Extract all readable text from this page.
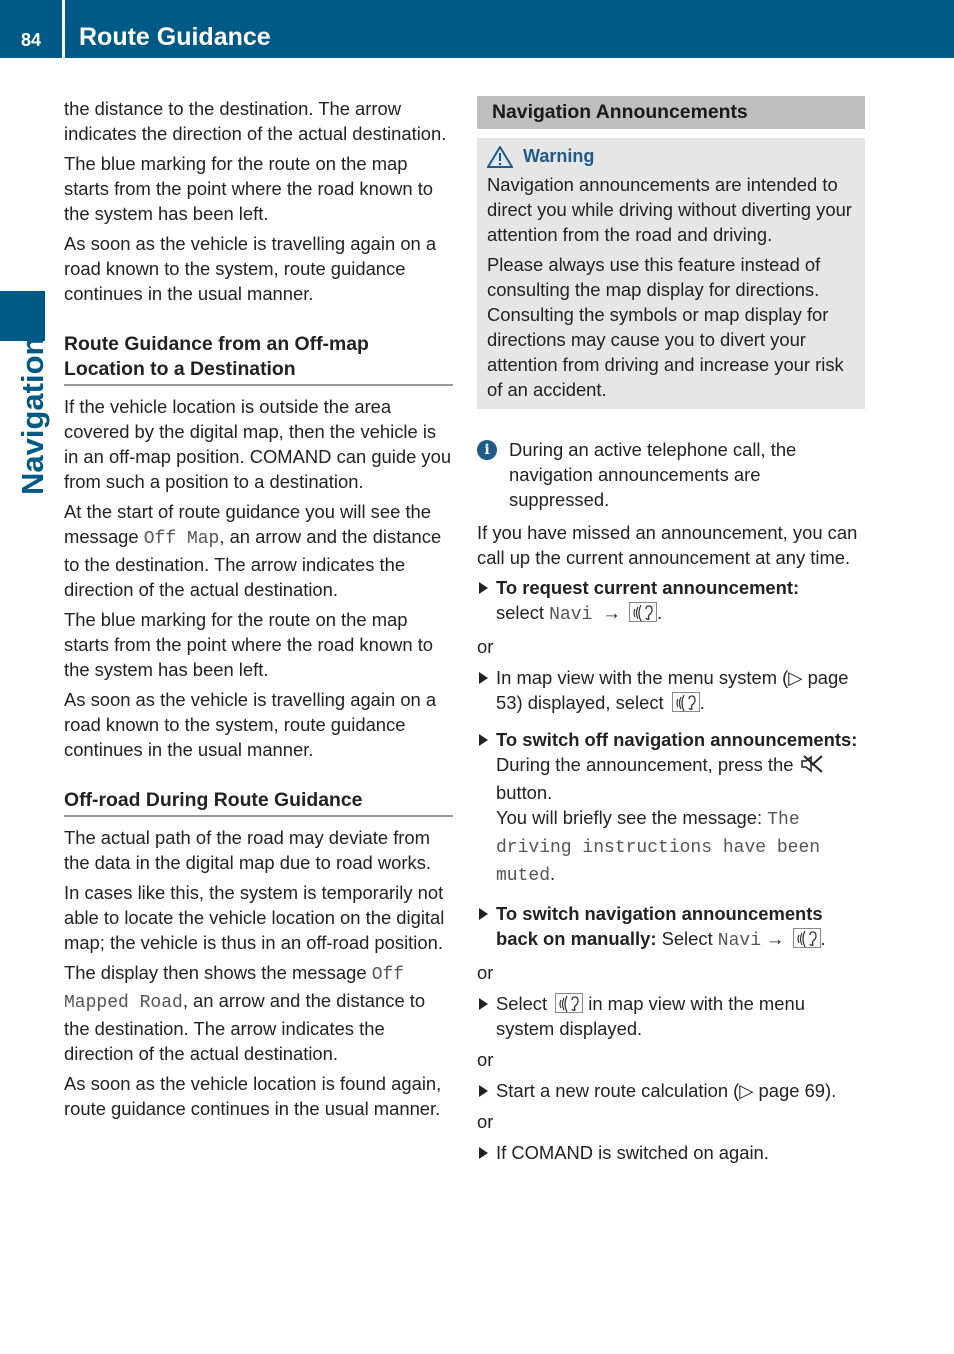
84	Route Guidance
Navigation

the distance to the destination. The arrow indicates the direction of the actual destination.

The blue marking for the route on the map starts from the point where the road known to the system has been left.

As soon as the vehicle is travelling again on a road known to the system, route guidance continues in the usual manner.

Route Guidance from an Off-map Location to a Destination

If the vehicle location is outside the area covered by the digital map, then the vehicle is in an off-map position. COMAND can guide you from such a position to a destination.

At the start of route guidance you will see the message Off Map, an arrow and the distance to the destination. The arrow indicates the direction of the actual destination.

The blue marking for the route on the map starts from the point where the road known to the system has been left.

As soon as the vehicle is travelling again on a road known to the system, route guidance continues in the usual manner.

Off-road During Route Guidance

The actual path of the road may deviate from the data in the digital map due to road works.

In cases like this, the system is temporarily not able to locate the vehicle location on the digital map; the vehicle is thus in an off-road position.

The display then shows the message Off Mapped Road, an arrow and the distance to the destination. The arrow indicates the direction of the actual destination.

As soon as the vehicle location is found again, route guidance continues in the usual manner.

Navigation Announcements
Warning

Navigation announcements are intended to direct you while driving without diverting your attention from the road and driving.

Please always use this feature instead of consulting the map display for directions. Consulting the symbols or map display for directions may cause you to divert your attention from driving and increase your risk of an accident.

i	During an active telephone call, the navigation announcements are suppressed.

If you have missed an announcement, you can call up the current announcement at any time.

To request current announcement:
select Navi → .

or

In map view with the menu system (▷ page 53) displayed, select .

To switch off navigation announcements: During the announcement, press thebutton.
You will briefly see the message: The driving instructions have been muted.

To switch navigation announcements back on manually: Select Navi → .

or

Select
in map view with the menu system displayed.

or

Start a new route calculation (▷ page 69).

or

If COMAND is switched on again.
